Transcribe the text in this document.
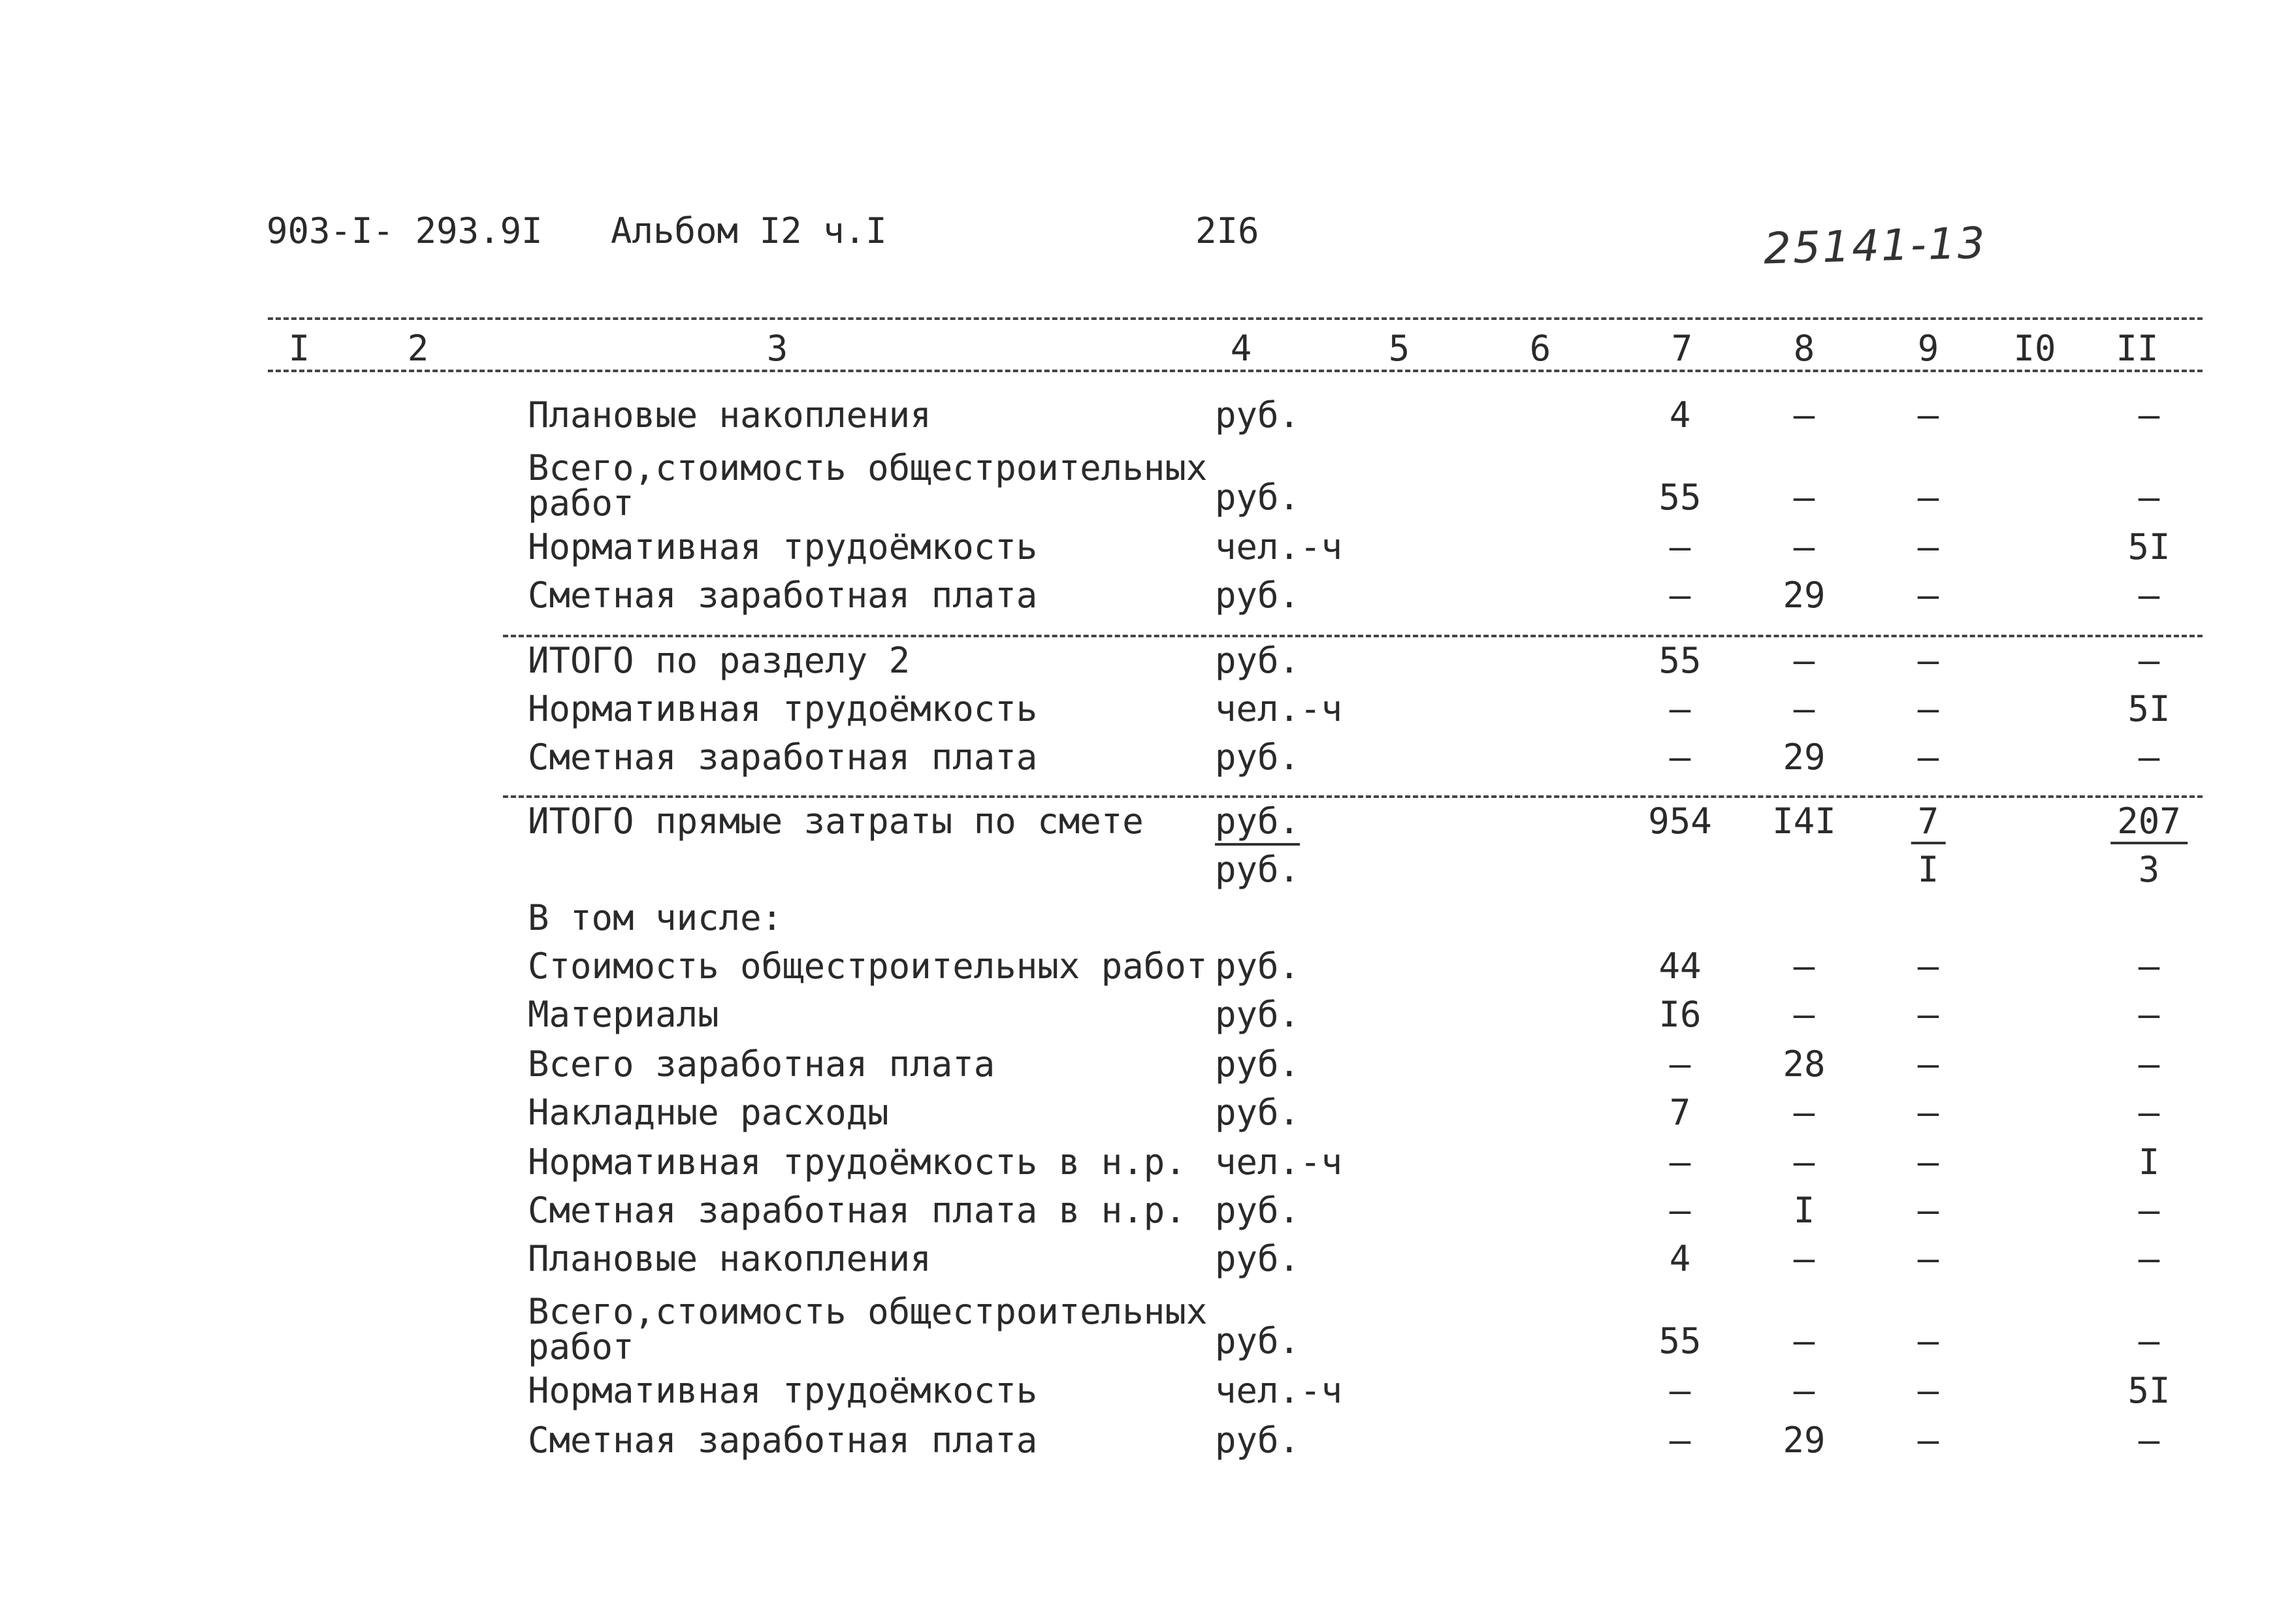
903-I- 293.9I Альбом I2 ч.I	2I6	25141-13
I	2	3	4	5	6	7	8	9 I0 II
Плановые накопления	руб.	4	–	–	–
Всего,стоимость общестроительных
работ	руб.	55	–	–	–
Нормативная трудоёмкость	чел.-ч	–	–	–	5I
Сметная заработная плата	руб.	–	29	–	–
ИТОГО по разделу 2	руб.	55	–	–	–
Нормативная трудоёмкость	чел.-ч	–	–	–	5I
Сметная заработная плата	руб.	–	29	–	–
ИТОГО прямые затраты по смете руб.	954 I4I 7	207
руб.	I	3
В том числе:
Стоимость общестроительных работ руб.	44	–	–	–
Материалы	руб.	I6	–	–	–
Всего заработная плата	руб.	–	28	–	–
Накладные расходы	руб.	7	–	–	–
Нормативная трудоёмкость в н.р. чел.-ч	–	–	–	I
Сметная заработная плата в н.р. руб.	–	I	–	–
Плановые накопления	руб.	4	–	–	–
Всего,стоимость общестроительных
работ	руб.	55	–	–	–
Нормативная трудоёмкость	чел.-ч	–	–	–	5I
Сметная заработная плата	руб.	–	29	–	–
